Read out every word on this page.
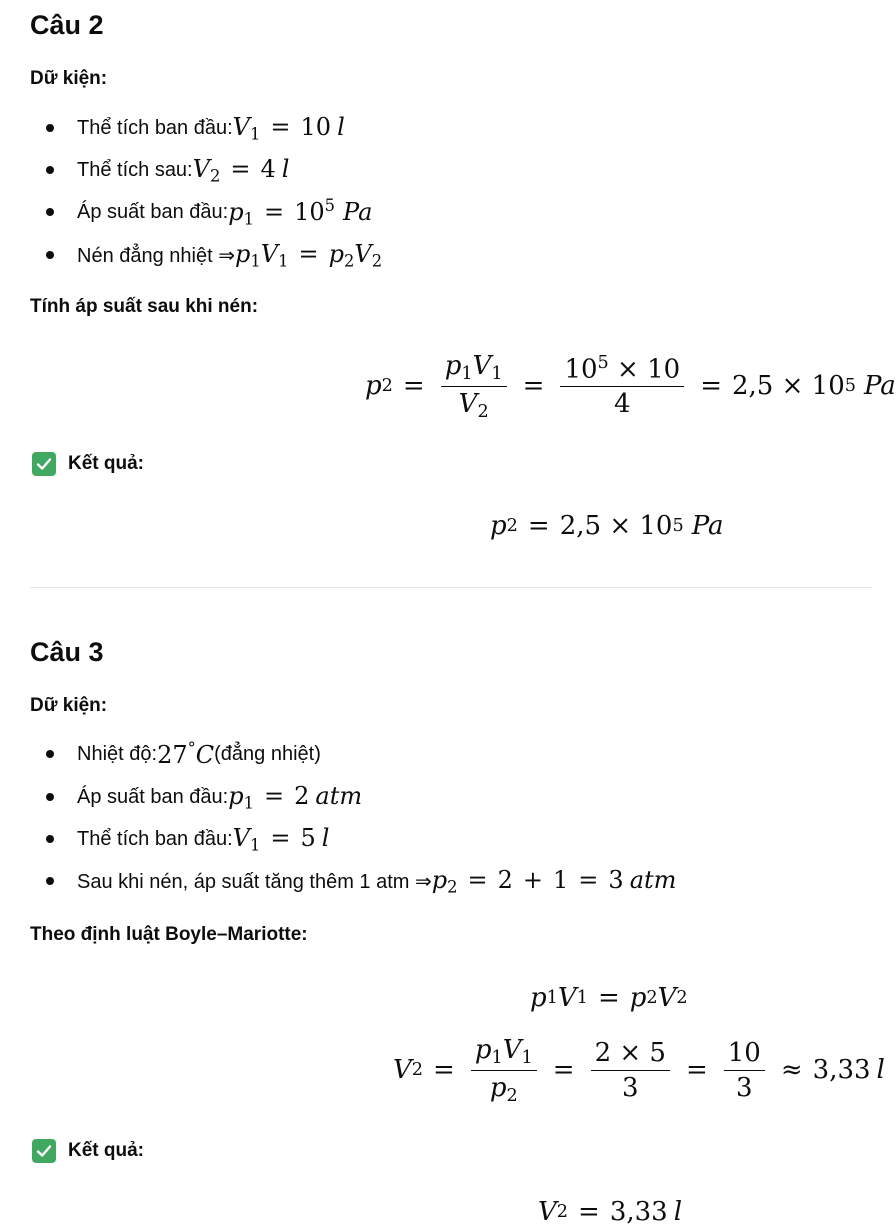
Câu 2
Dữ kiện:
Thể tích ban đầu: $V_1 = 10$ l
Thể tích sau: $V_2 = 4$ l
Áp suất ban đầu: $p_1 = 10^5$ Pa
Nén đẳng nhiệt ⇒ $p_1V_1 = p_2V_2$
Tính áp suất sau khi nén:
p $2 = \frac{p_1V_1}{V_2} = \frac{10^5 \times 10}{4} = 2,5 \times 10$ 5 Pa
Kết quả:
p 2 = 2,5 × 10 5 Pa
Câu 3
Dữ kiện:
Nhiệt độ: 27°C (đẳng nhiệt)
Áp suất ban đầu: $p_1 = 2$ atm
Thể tích ban đầu: $V_1 = 5$ l
Sau khi nén, áp suất tăng thêm 1 atm ⇒ $p_2 = 2 + 1 = 3$ atm
Theo định luật Boyle–Mariotte:
p 1 V 1 = p 2 V 2
V $2 = \frac{p_1V_1}{p_2} = \frac{2 \times 5}{3} = \frac{10}{3} \approx 3,33$ l
Kết quả:
V 2 = 3,33 l
